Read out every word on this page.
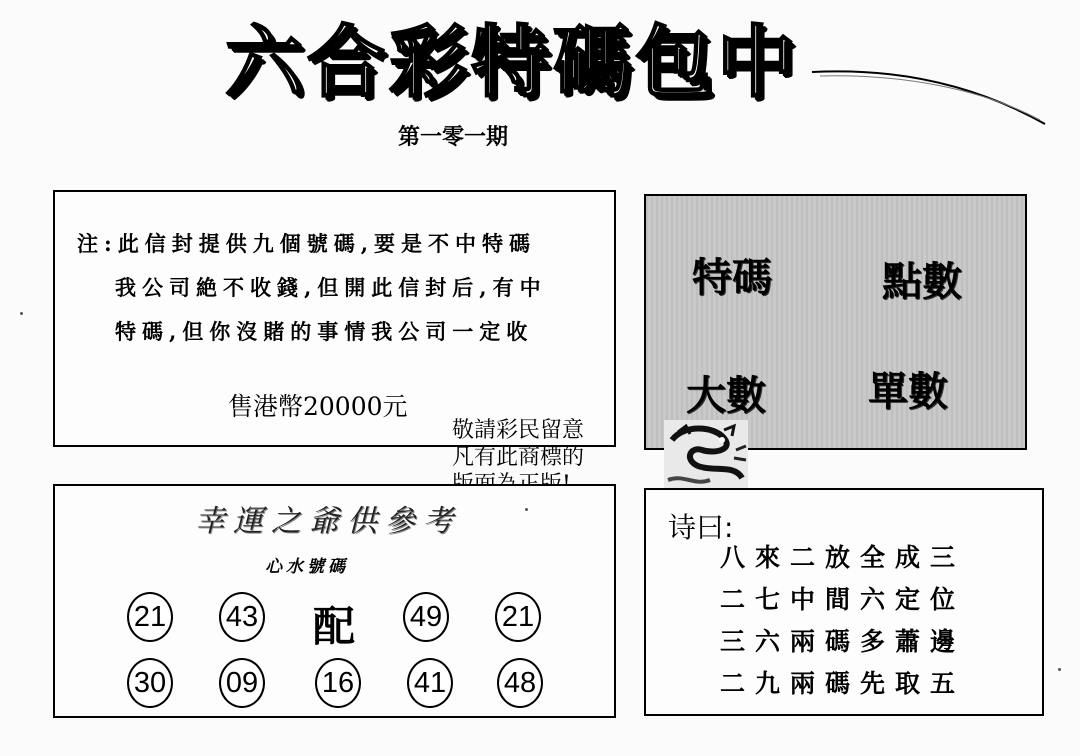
六合彩特碼包中
第一零一期
注:此信封提供九個號碼,要是不中特碼
我公司絶不收錢,但開此信封后,有中
特碼,但你沒賭的事情我公司一定收
售港幣20000元
特碼	點數
大數	單數
敬請彩民留意
凡有此商標的
幸運之爺供參考
心水號碼
21 43 配 49 21
30 09 16 41 48
诗曰:
八來二放全成三
二七中間六定位
三六兩碼多蕭邊
二九兩碼先取五
